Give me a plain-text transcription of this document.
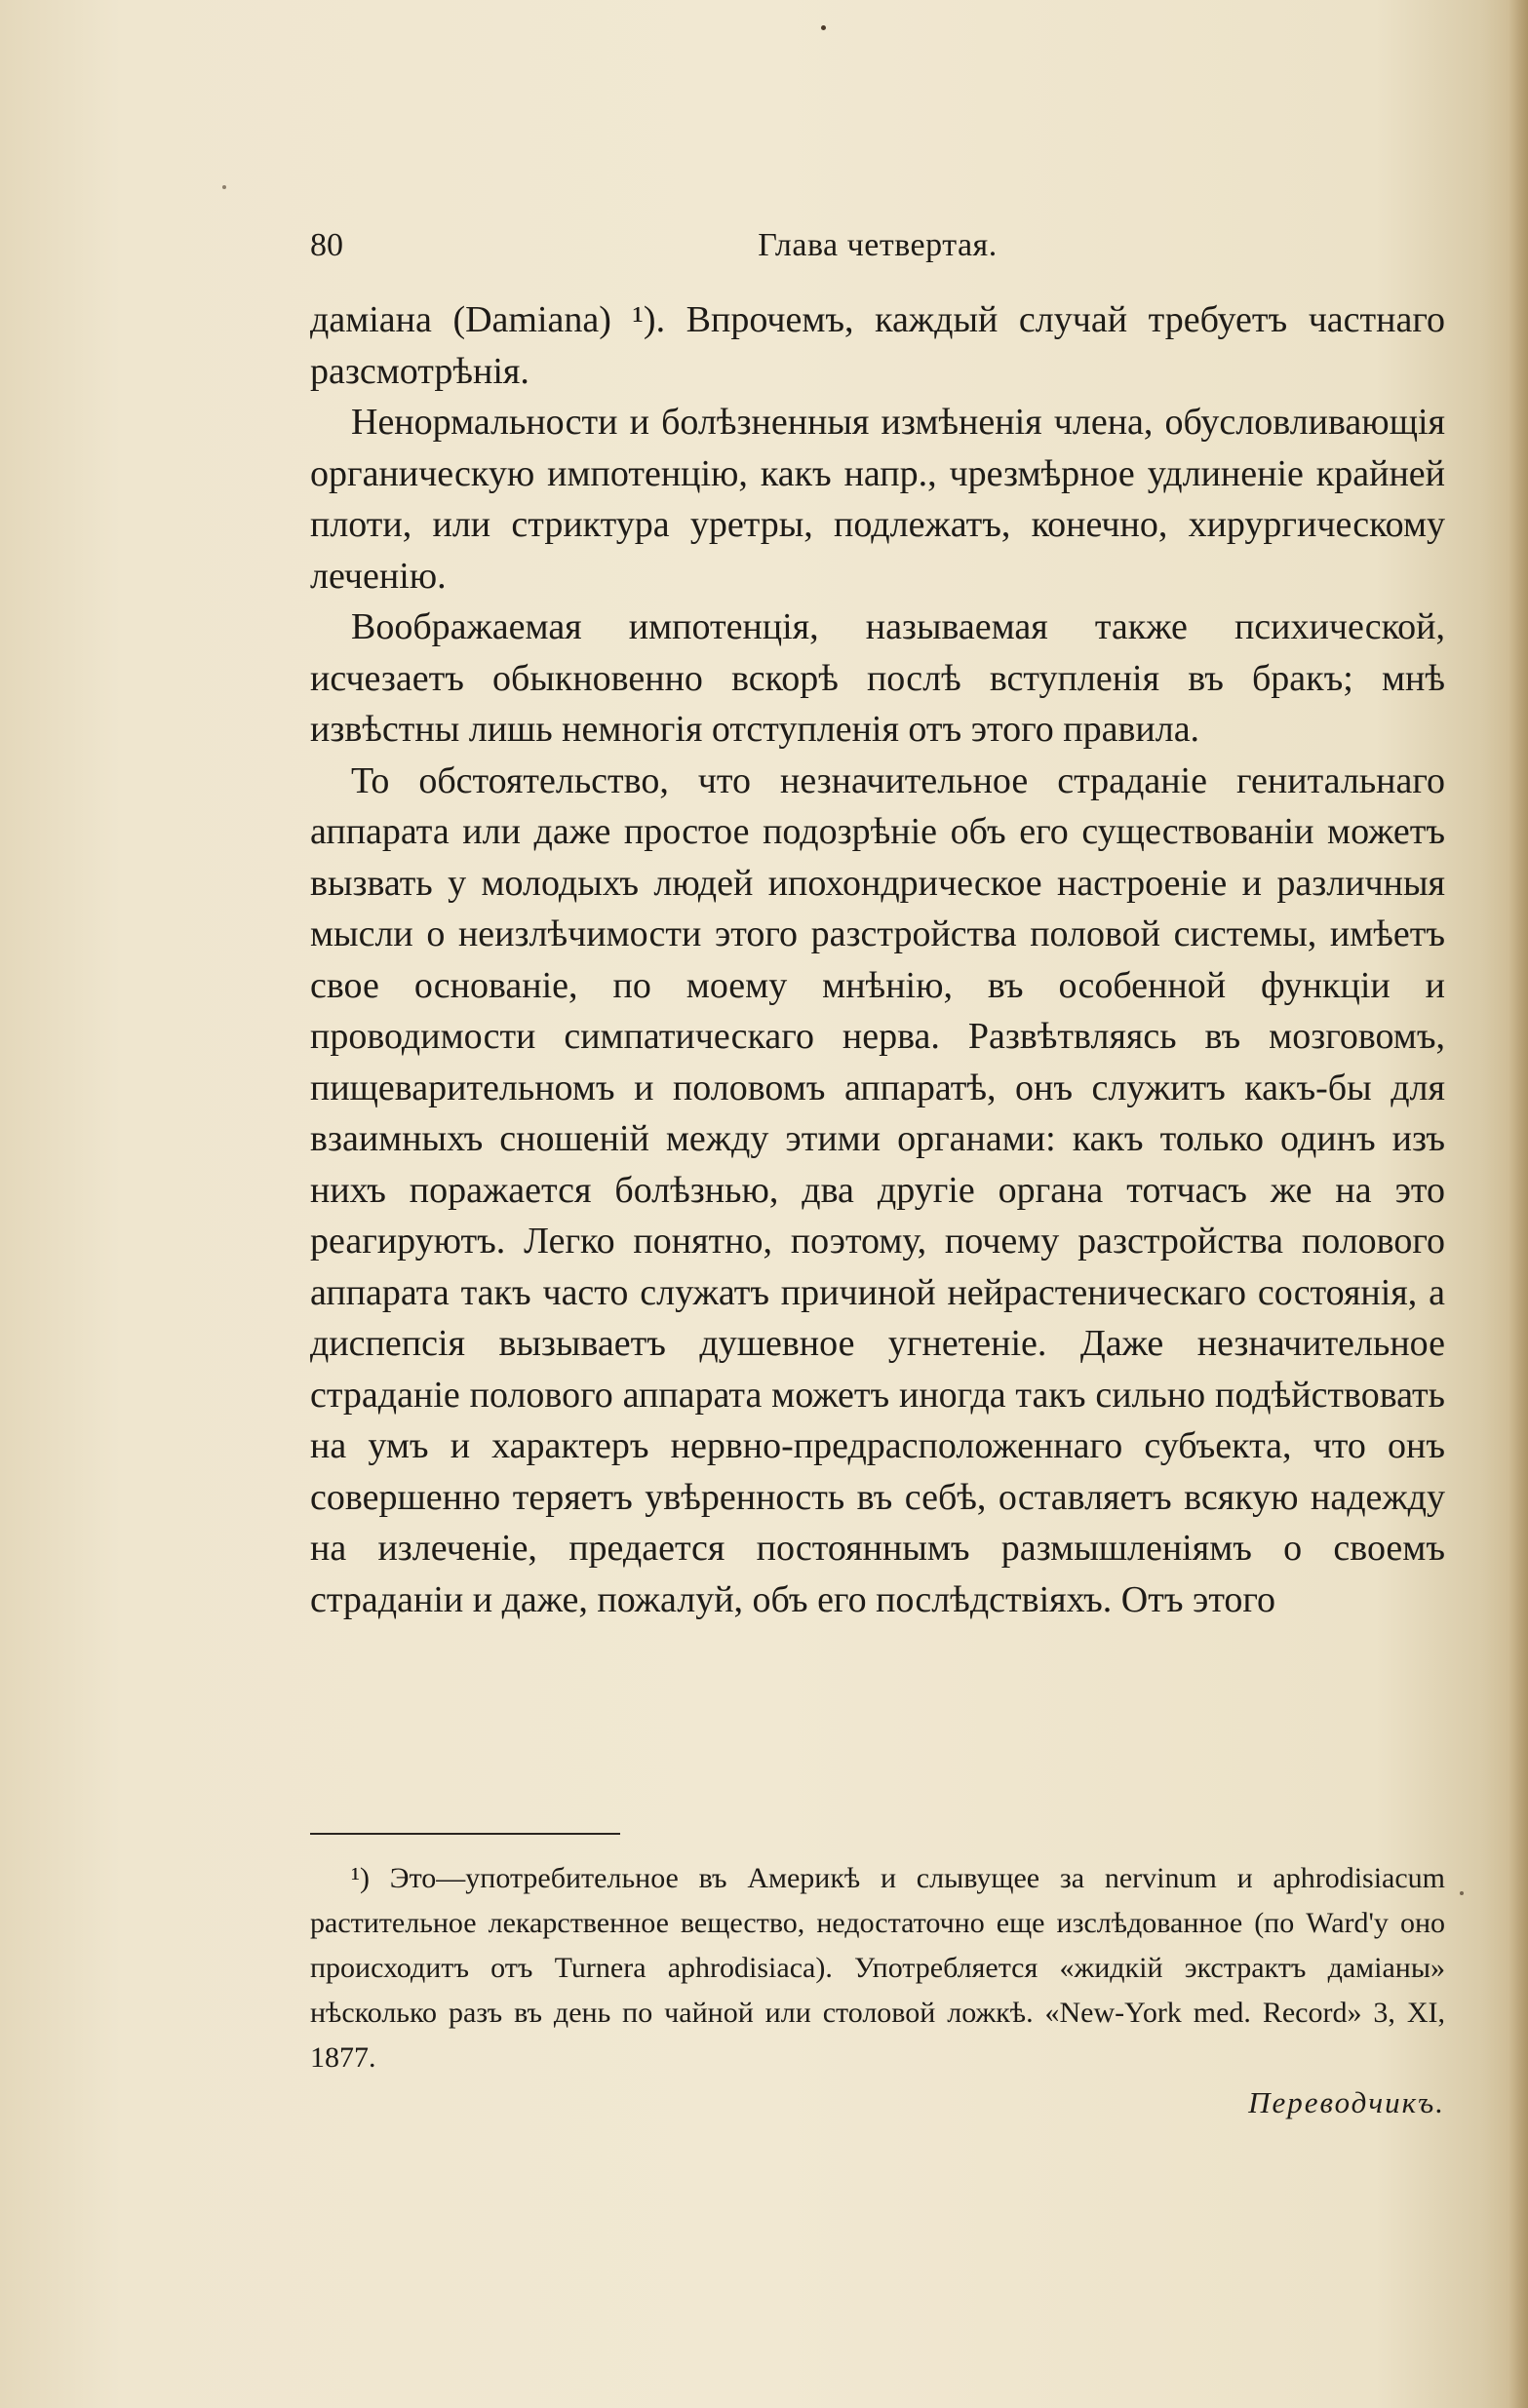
80	Глава четвертая.

даміана (Damiana) ¹). Впрочемъ, каждый случай требуетъ частнаго разсмотрѣнія.

Ненормальности и болѣзненныя измѣненія члена, обусловливающія органическую импотенцію, какъ напр., чрезмѣрное удлиненіе крайней плоти, или стриктура уретры, подлежатъ, конечно, хирургическому леченію.

Воображаемая импотенція, называемая также психической, исчезаетъ обыкновенно вскорѣ послѣ вступленія въ бракъ; мнѣ извѣстны лишь немногія отступленія отъ этого правила.

То обстоятельство, что незначительное страданіе генитальнаго аппарата или даже простое подозрѣніе объ его существованіи можетъ вызвать у молодыхъ людей ипохондрическое настроеніе и различныя мысли о неизлѣчимости этого разстройства половой системы, имѣетъ свое основаніе, по моему мнѣнію, въ особенной функціи и проводимости симпатическаго нерва. Развѣтвляясь въ мозговомъ, пищеварительномъ и половомъ аппаратѣ, онъ служитъ какъ-бы для взаимныхъ сношеній между этими органами: какъ только одинъ изъ нихъ поражается болѣзнью, два другіе органа тотчасъ же на это реагируютъ. Легко понятно, поэтому, почему разстройства полового аппарата такъ часто служатъ причиной нейрастеническаго состоянія, а диспепсія вызываетъ душевное угнетеніе. Даже незначительное страданіе полового аппарата можетъ иногда такъ сильно подѣйствовать на умъ и характеръ нервно-предрасположеннаго субъекта, что онъ совершенно теряетъ увѣренность въ себѣ, оставляетъ всякую надежду на излеченіе, предается постояннымъ размышленіямъ о своемъ страданіи и даже, пожалуй, объ его послѣдствіяхъ. Отъ этого

¹) Это—употребительное въ Америкѣ и слывущее за nervinum и aphrodisiacum растительное лекарственное вещество, недостаточно еще изслѣдованное (по Ward'у оно происходитъ отъ Turnera aphrodisiaca). Употребляется «жидкій экстрактъ даміаны» нѣсколько разъ въ день по чайной или столовой ложкѣ. «New-York med. Record» 3, XI, 1877.

Переводчикъ.
